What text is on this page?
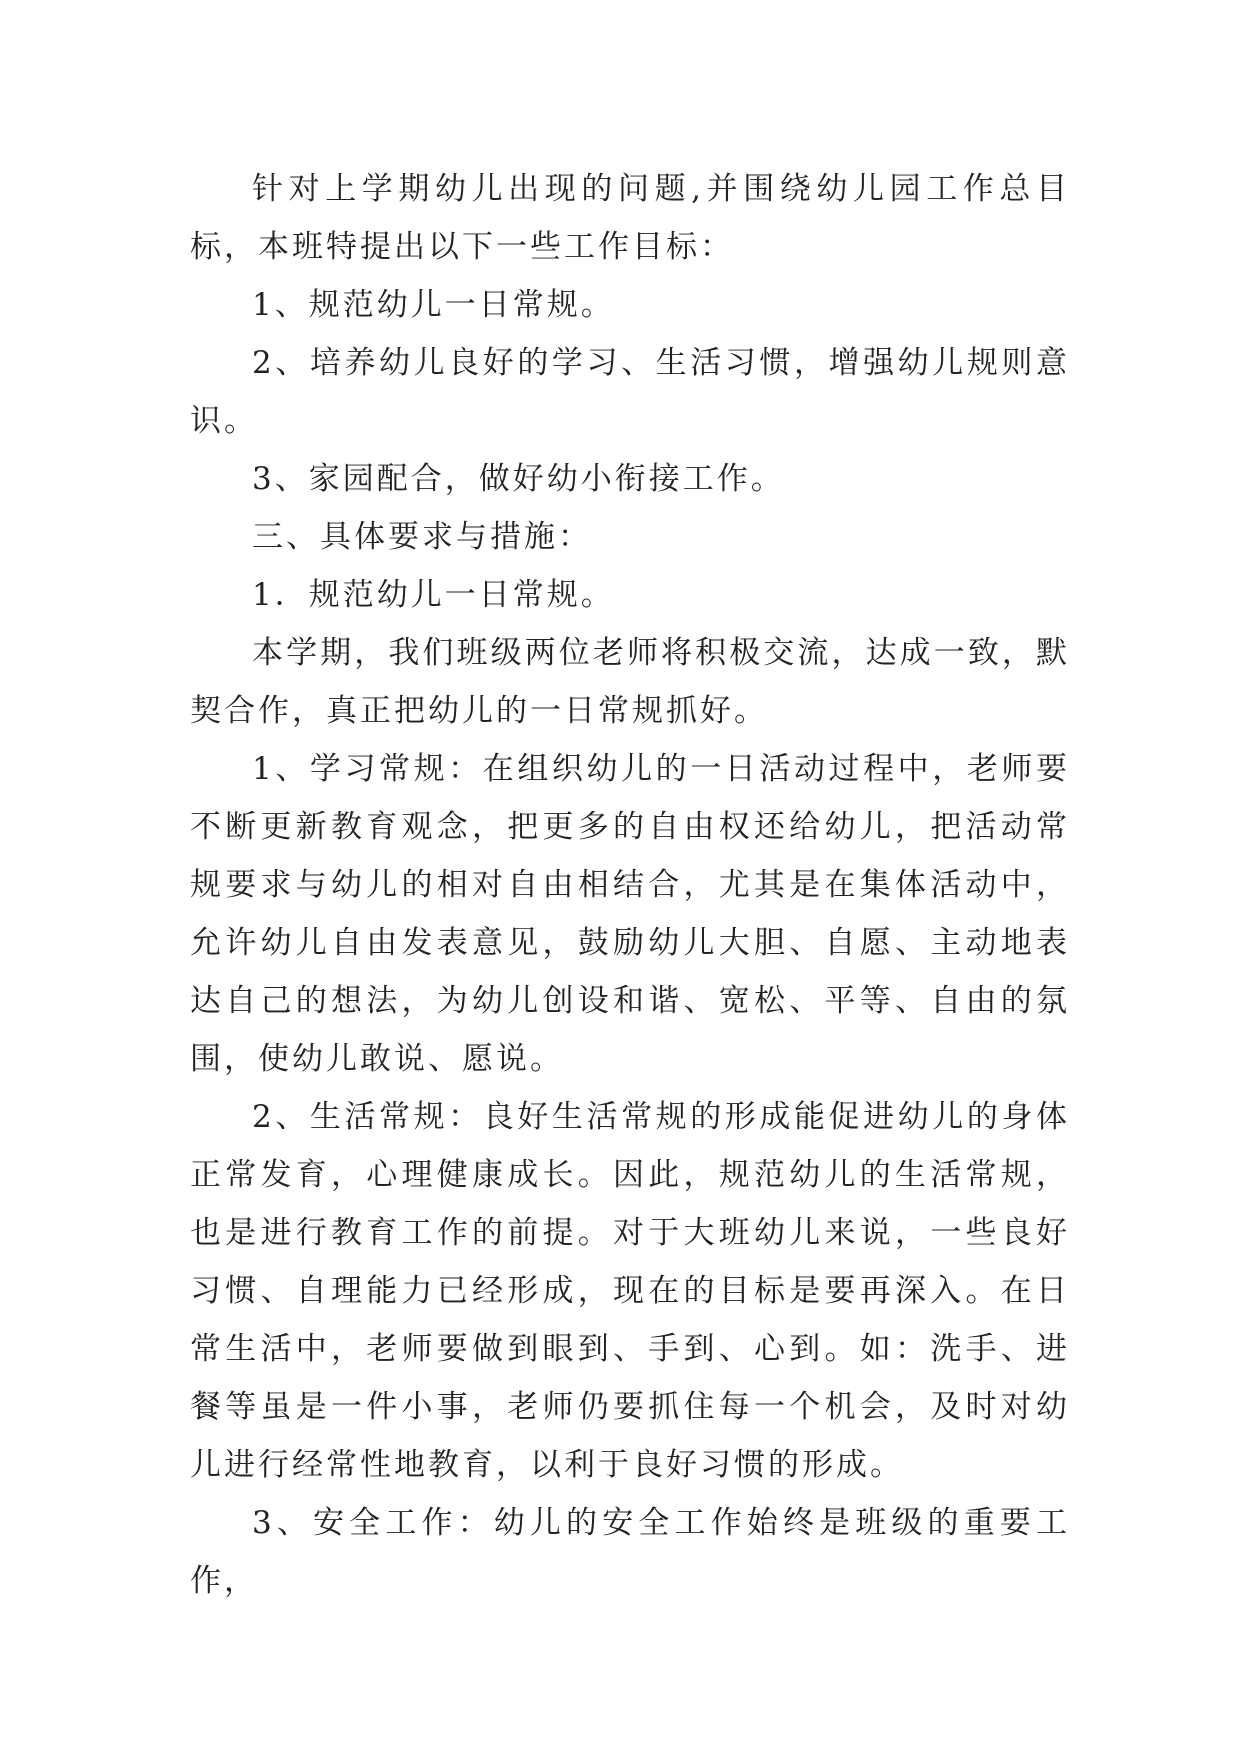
针对上学期幼儿出现的问题,并围绕幼儿园工作总目标，本班特提出以下一些工作目标：

1、规范幼儿一日常规。

2、培养幼儿良好的学习、生活习惯，增强幼儿规则意识。

3、家园配合，做好幼小衔接工作。

三、具体要求与措施：

1．规范幼儿一日常规。

本学期，我们班级两位老师将积极交流，达成一致，默契合作，真正把幼儿的一日常规抓好。

1、学习常规：在组织幼儿的一日活动过程中，老师要不断更新教育观念，把更多的自由权还给幼儿，把活动常规要求与幼儿的相对自由相结合，尤其是在集体活动中，允许幼儿自由发表意见，鼓励幼儿大胆、自愿、主动地表达自己的想法，为幼儿创设和谐、宽松、平等、自由的氛围，使幼儿敢说、愿说。

2、生活常规：良好生活常规的形成能促进幼儿的身体正常发育，心理健康成长。因此，规范幼儿的生活常规，也是进行教育工作的前提。对于大班幼儿来说，一些良好习惯、自理能力已经形成，现在的目标是要再深入。在日常生活中，老师要做到眼到、手到、心到。如：洗手、进餐等虽是一件小事，老师仍要抓住每一个机会，及时对幼儿进行经常性地教育，以利于良好习惯的形成。

3、安全工作：幼儿的安全工作始终是班级的重要工作，
